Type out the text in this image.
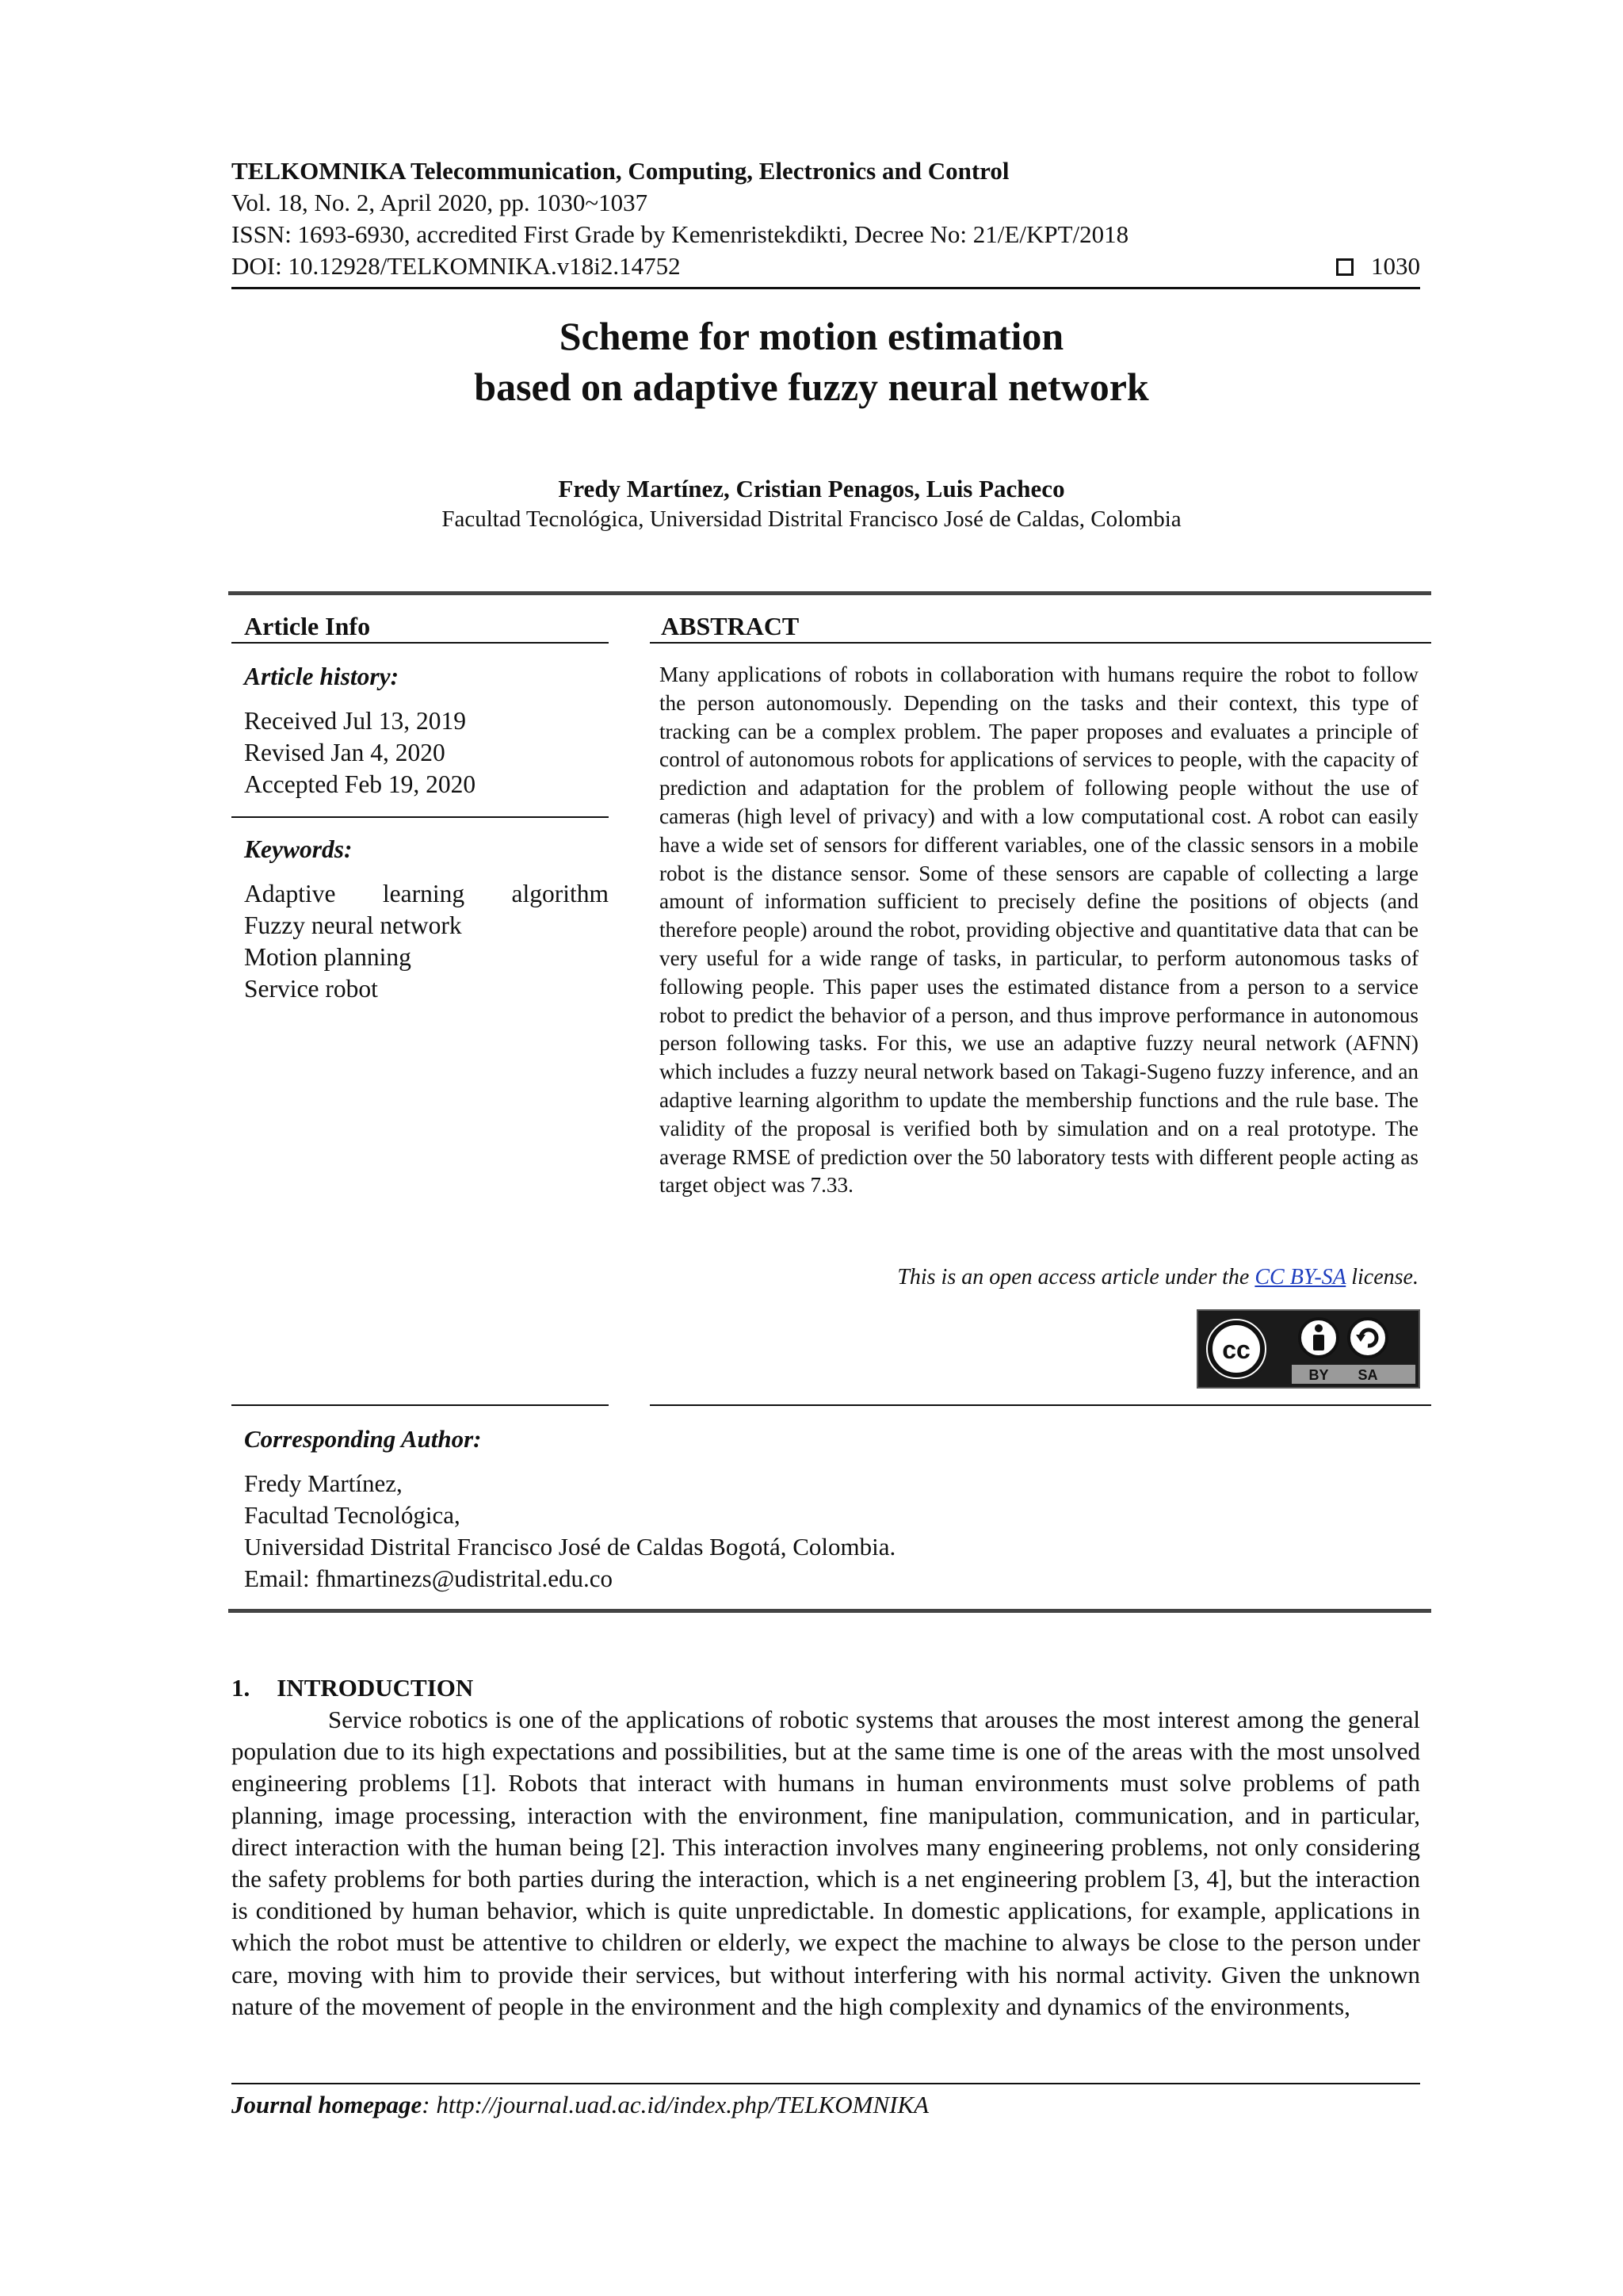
TELKOMNIKA Telecommunication, Computing, Electronics and Control
Vol. 18, No. 2, April 2020, pp. 1030~1037
ISSN: 1693-6930, accredited First Grade by Kemenristekdikti, Decree No: 21/E/KPT/2018
DOI: 10.12928/TELKOMNIKA.v18i2.14752	1030
Scheme for motion estimation
based on adaptive fuzzy neural network
Fredy Martínez, Cristian Penagos, Luis Pacheco
Facultad Tecnológica, Universidad Distrital Francisco José de Caldas, Colombia
Article Info
Article history:
Received Jul 13, 2019
Revised Jan 4, 2020
Accepted Feb 19, 2020
Keywords:
Adaptive learning algorithm
Fuzzy neural network
Motion planning
Service robot
ABSTRACT
Many applications of robots in collaboration with humans require the robot to follow the person autonomously. Depending on the tasks and their context, this type of tracking can be a complex problem. The paper proposes and evaluates a principle of control of autonomous robots for applications of services to people, with the capacity of prediction and adaptation for the problem of following people without the use of cameras (high level of privacy) and with a low computational cost. A robot can easily have a wide set of sensors for different variables, one of the classic sensors in a mobile robot is the distance sensor. Some of these sensors are capable of collecting a large amount of information sufficient to precisely define the positions of objects (and therefore people) around the robot, providing objective and quantitative data that can be very useful for a wide range of tasks, in particular, to perform autonomous tasks of following people. This paper uses the estimated distance from a person to a service robot to predict the behavior of a person, and thus improve performance in autonomous person following tasks. For this, we use an adaptive fuzzy neural network (AFNN) which includes a fuzzy neural network based on Takagi-Sugeno fuzzy inference, and an adaptive learning algorithm to update the membership functions and the rule base. The validity of the proposal is verified both by simulation and on a real prototype. The average RMSE of prediction over the 50 laboratory tests with different people acting as target object was 7.33.
This is an open access article under the CC BY-SA license.
cc
BY SA
Corresponding Author:
Fredy Martínez,
Facultad Tecnológica,
Universidad Distrital Francisco José de Caldas Bogotá, Colombia.
Email: fhmartinezs@udistrital.edu.co
1. INTRODUCTION
Service robotics is one of the applications of robotic systems that arouses the most interest among the general population due to its high expectations and possibilities, but at the same time is one of the areas with the most unsolved engineering problems [1]. Robots that interact with humans in human environments must solve problems of path planning, image processing, interaction with the environment, fine manipulation, communication, and in particular, direct interaction with the human being [2]. This interaction involves many engineering problems, not only considering the safety problems for both parties during the interaction, which is a net engineering problem [3, 4], but the interaction is conditioned by human behavior, which is quite unpredictable. In domestic applications, for example, applications in which the robot must be attentive to children or elderly, we expect the machine to always be close to the person under care, moving with him to provide their services, but without interfering with his normal activity. Given the unknown nature of the movement of people in the environment and the high complexity and dynamics of the environments,
Journal homepage: http://journal.uad.ac.id/index.php/TELKOMNIKA
